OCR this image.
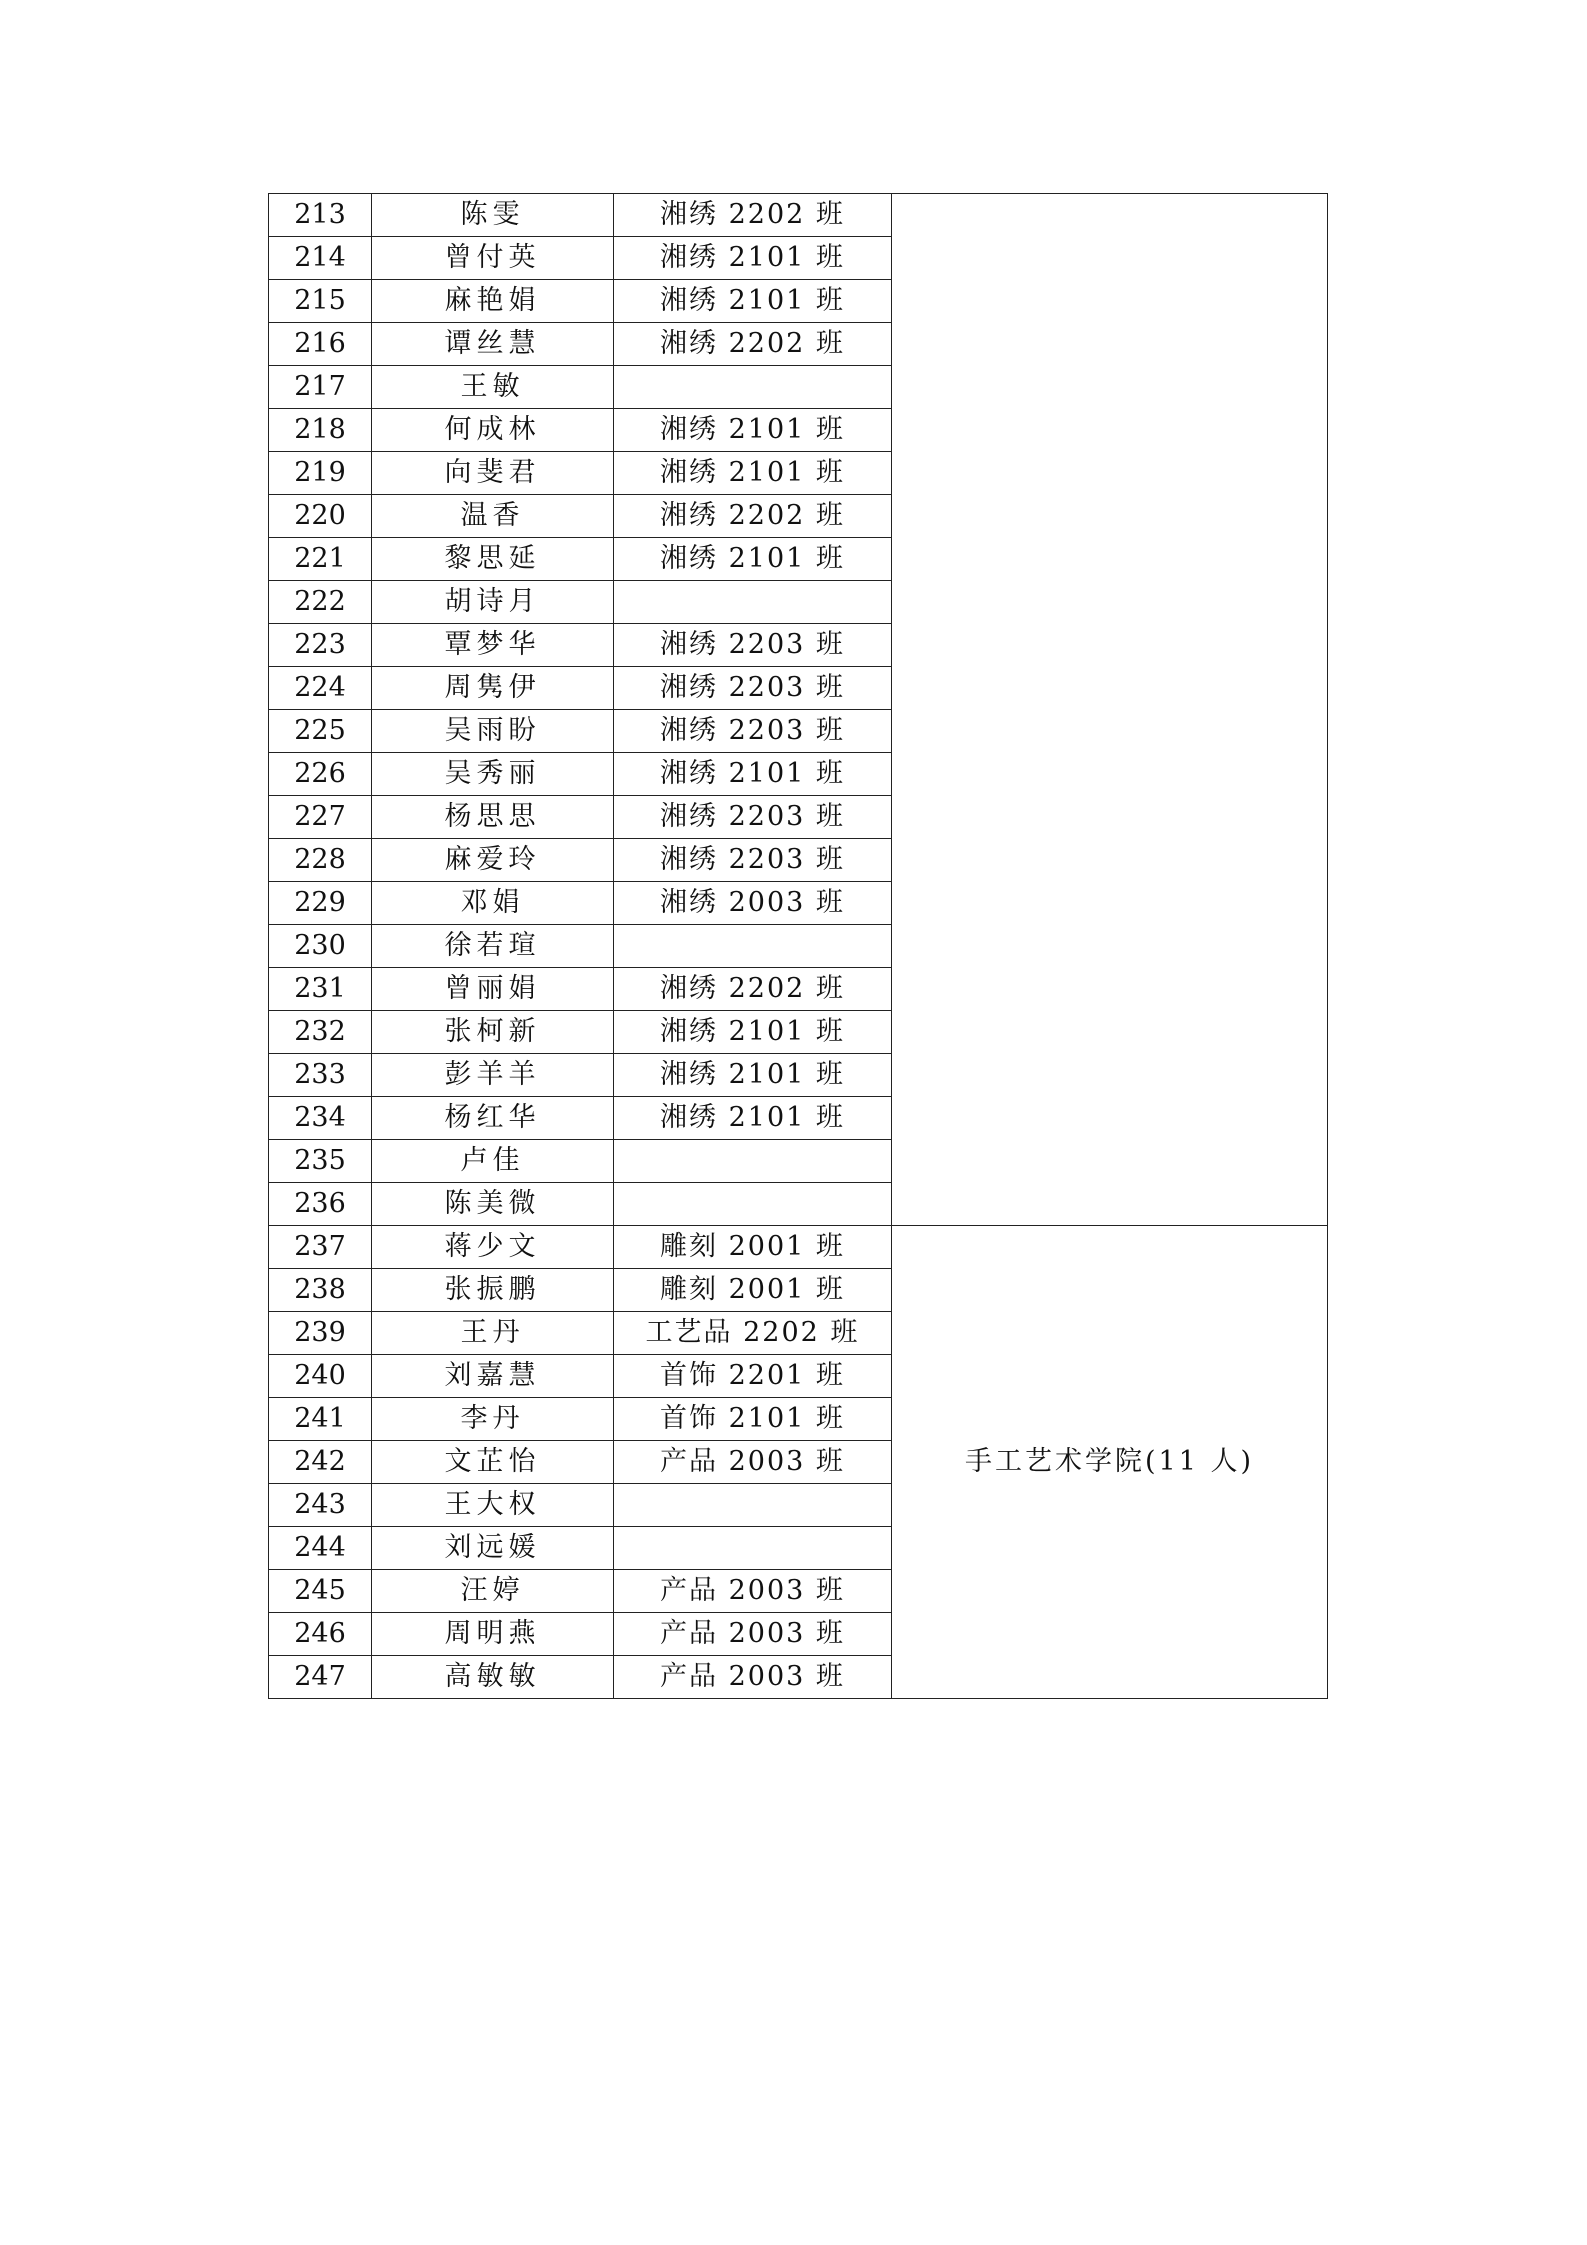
213	陈雯	湘绣 2202 班	
214	曾付英	湘绣 2101 班	
215	麻艳娟	湘绣 2101 班	
216	谭丝慧	湘绣 2202 班	
217	王敏		
218	何成林	湘绣 2101 班	
219	向斐君	湘绣 2101 班	
220	温香	湘绣 2202 班	
221	黎思延	湘绣 2101 班	
222	胡诗月		
223	覃梦华	湘绣 2203 班	
224	周隽伊	湘绣 2203 班	
225	吴雨盼	湘绣 2203 班	
226	吴秀丽	湘绣 2101 班	
227	杨思思	湘绣 2203 班	
228	麻爱玲	湘绣 2203 班	
229	邓娟	湘绣 2003 班	
230	徐若瑄		
231	曾丽娟	湘绣 2202 班	
232	张柯新	湘绣 2101 班	
233	彭羊羊	湘绣 2101 班	
234	杨红华	湘绣 2101 班	
235	卢佳		
236	陈美微		
237	蒋少文	雕刻 2001 班	手工艺术学院(11 人)
238	张振鹏	雕刻 2001 班	
239	王丹	工艺品 2202 班	
240	刘嘉慧	首饰 2201 班	
241	李丹	首饰 2101 班	
242	文芷怡	产品 2003 班	
243	王大权		
244	刘远媛		
245	汪婷	产品 2003 班	
246	周明燕	产品 2003 班	
247	高敏敏	产品 2003 班	
